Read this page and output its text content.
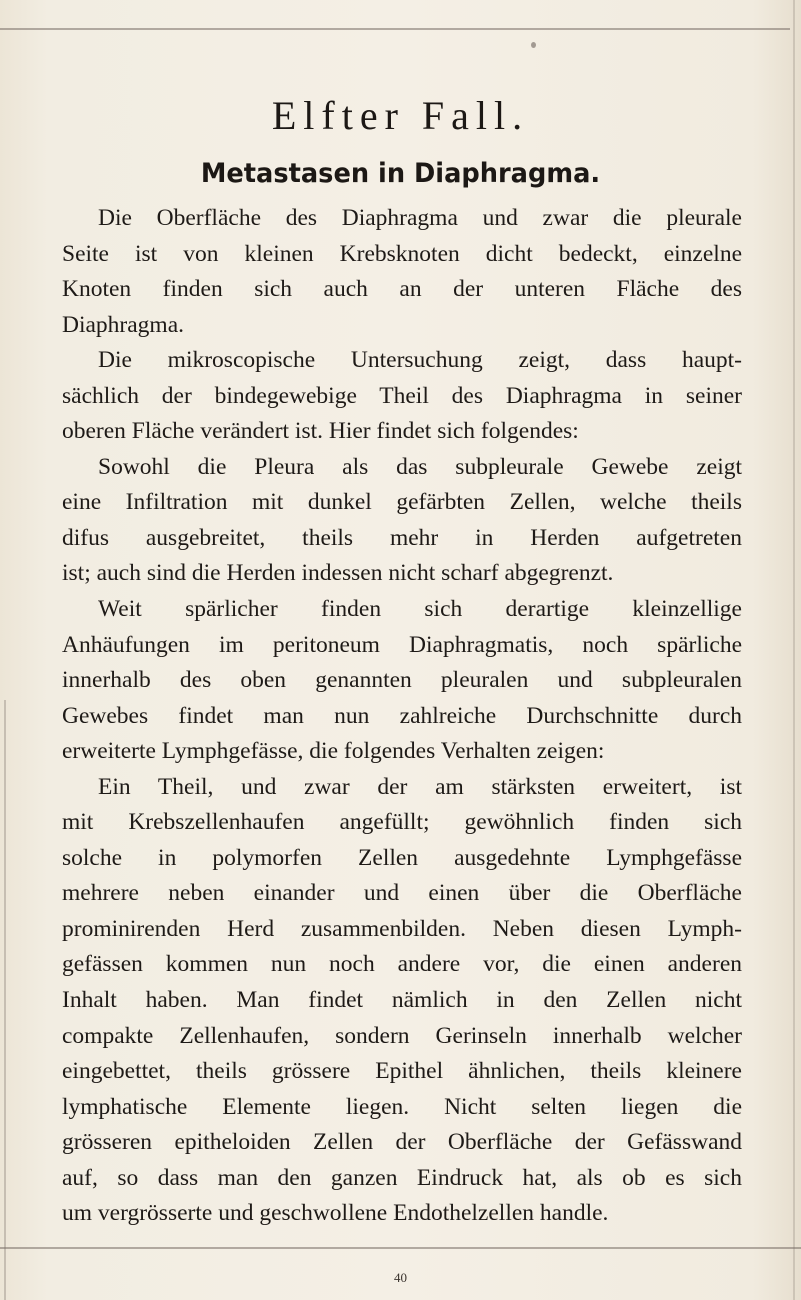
Elfter Fall.
Metastasen in Diaphragma.
Die Oberfläche des Diaphragma und zwar die pleurale
Seite ist von kleinen Krebsknoten dicht bedeckt, einzelne
Knoten finden sich auch an der unteren Fläche des
Diaphragma.
Die mikroscopische Untersuchung zeigt, dass haupt-
sächlich der bindegewebige Theil des Diaphragma in seiner
oberen Fläche verändert ist. Hier findet sich folgendes:
Sowohl die Pleura als das subpleurale Gewebe zeigt
eine Infiltration mit dunkel gefärbten Zellen, welche theils
difus ausgebreitet, theils mehr in Herden aufgetreten
ist; auch sind die Herden indessen nicht scharf abgegrenzt.
Weit spärlicher finden sich derartige kleinzellige
Anhäufungen im peritoneum Diaphragmatis, noch spärliche
innerhalb des oben genannten pleuralen und subpleuralen
Gewebes findet man nun zahlreiche Durchschnitte durch
erweiterte Lymphgefässe, die folgendes Verhalten zeigen:
Ein Theil, und zwar der am stärksten erweitert, ist
mit Krebszellenhaufen angefüllt; gewöhnlich finden sich
solche in polymorfen Zellen ausgedehnte Lymphgefässe
mehrere neben einander und einen über die Oberfläche
prominirenden Herd zusammenbilden. Neben diesen Lymph-
gefässen kommen nun noch andere vor, die einen anderen
Inhalt haben. Man findet nämlich in den Zellen nicht
compakte Zellenhaufen, sondern Gerinseln innerhalb welcher
eingebettet, theils grössere Epithel ähnlichen, theils kleinere
lymphatische Elemente liegen. Nicht selten liegen die
grösseren epitheloiden Zellen der Oberfläche der Gefässwand
auf, so dass man den ganzen Eindruck hat, als ob es sich
um vergrösserte und geschwollene Endothelzellen handle.
40
